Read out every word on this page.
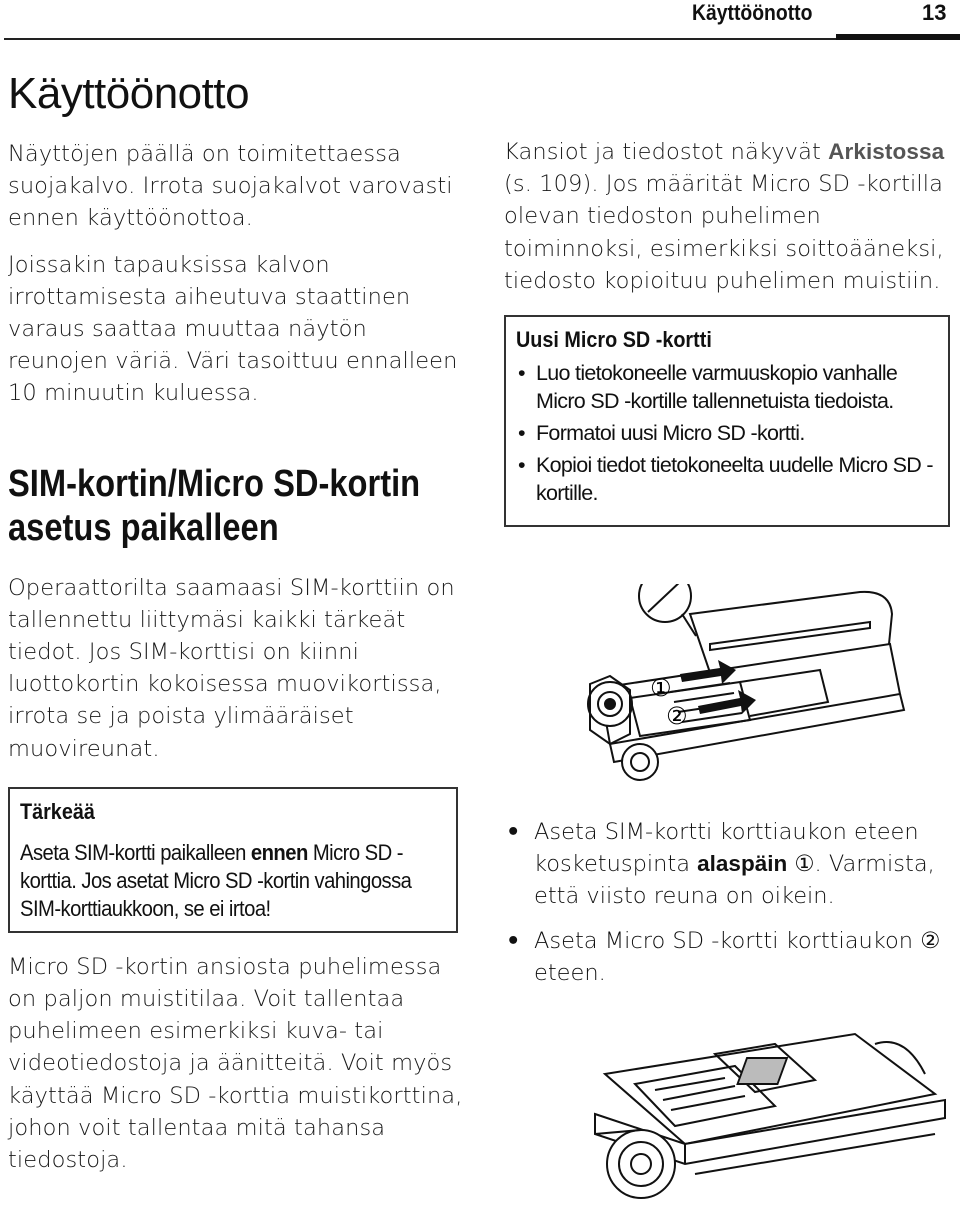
Käyttöönotto	13
Käyttöönotto

Näyttöjen päällä on toimitettaessa suojakalvo. Irrota suojakalvot varovasti ennen käyttöönottoa.

Joissakin tapauksissa kalvon irrottamisesta aiheutuva staattinen varaus saattaa muuttaa näytön reunojen väriä. Väri tasoittuu ennalleen 10 minuutin kuluessa.

SIM-kortin/Micro SD-kortin asetus paikalleen

Operaattorilta saamaasi SIM-korttiin on tallennettu liittymäsi kaikki tärkeät tiedot. Jos SIM-korttisi on kiinni luottokortin kokoisessa muovikortissa, irrota se ja poista ylimääräiset muovireunat.

Tärkeää

Aseta SIM-kortti paikalleen ennen Micro SD -korttia. Jos asetat Micro SD -kortin vahingossa SIM-korttiaukkoon, se ei irtoa!

Micro SD -kortin ansiosta puhelimessa on paljon muistitilaa. Voit tallentaa puhelimeen esimerkiksi kuva- tai videotiedostoja ja äänitteitä. Voit myös käyttää Micro SD -korttia muistikorttina, johon voit tallentaa mitä tahansa tiedostoja.

Kansiot ja tiedostot näkyvät Arkistossa (s. 109). Jos määrität Micro SD -kortilla olevan tiedoston puhelimen toiminnoksi, esimerkiksi soittoääneksi, tiedosto kopioituu puhelimen muistiin.

Uusi Micro SD -kortti
• Luo tietokoneelle varmuuskopio vanhalle Micro SD -kortille tallennetuista tiedoista.
• Formatoi uusi Micro SD -kortti.
• Kopioi tiedot tietokoneelta uudelle Micro SD -kortille.
①
②
• Aseta SIM-kortti korttiaukon eteen kosketuspinta alaspäin ①. Varmista, että viisto reuna on oikein.
• Aseta Micro SD -kortti korttiaukon ② eteen.
